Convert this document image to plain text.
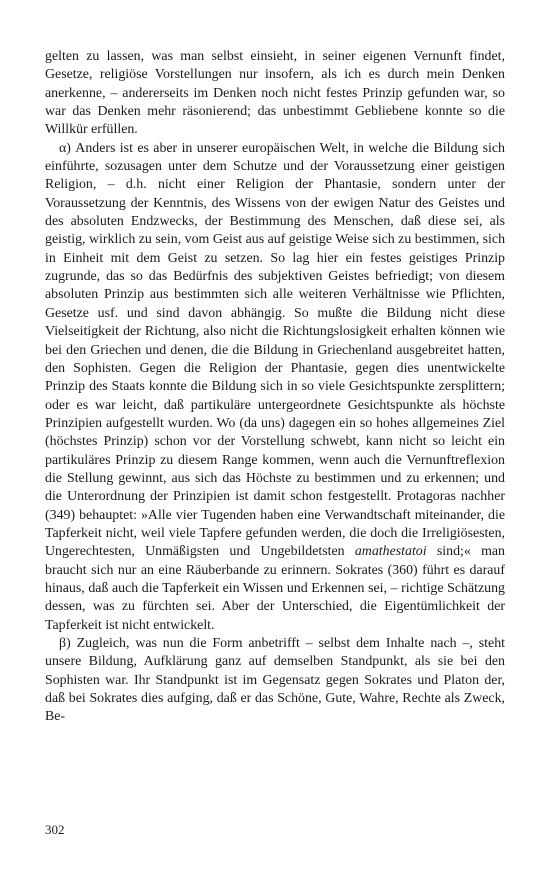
gelten zu lassen, was man selbst einsieht, in seiner eigenen Vernunft findet, Gesetze, religiöse Vorstellungen nur insofern, als ich es durch mein Denken anerkenne, – andererseits im Denken noch nicht festes Prinzip gefunden war, so war das Denken mehr räsonierend; das unbestimmt Gebliebene konnte so die Willkür erfüllen.

α) Anders ist es aber in unserer europäischen Welt, in welche die Bildung sich einführte, sozusagen unter dem Schutze und der Voraussetzung einer geistigen Religion, – d.h. nicht einer Religion der Phantasie, sondern unter der Voraussetzung der Kenntnis, des Wissens von der ewigen Natur des Geistes und des absoluten Endzwecks, der Bestimmung des Menschen, daß diese sei, als geistig, wirklich zu sein, vom Geist aus auf geistige Weise sich zu bestimmen, sich in Einheit mit dem Geist zu setzen. So lag hier ein festes geistiges Prinzip zugrunde, das so das Bedürfnis des subjektiven Geistes befriedigt; von diesem absoluten Prinzip aus bestimmten sich alle weiteren Verhältnisse wie Pflichten, Gesetze usf. und sind davon abhängig. So mußte die Bildung nicht diese Vielseitigkeit der Richtung, also nicht die Richtungslosigkeit erhalten können wie bei den Griechen und denen, die die Bildung in Griechenland ausgebreitet hatten, den Sophisten. Gegen die Religion der Phantasie, gegen dies unentwickelte Prinzip des Staats konnte die Bildung sich in so viele Gesichtspunkte zersplittern; oder es war leicht, daß partikuläre untergeordnete Gesichtspunkte als höchste Prinzipien aufgestellt wurden. Wo (da uns) dagegen ein so hohes allgemeines Ziel (höchstes Prinzip) schon vor der Vorstellung schwebt, kann nicht so leicht ein partikuläres Prinzip zu diesem Range kommen, wenn auch die Vernunftreflexion die Stellung gewinnt, aus sich das Höchste zu bestimmen und zu erkennen; und die Unterordnung der Prinzipien ist damit schon festgestellt. Protagoras nachher (349) behauptet: »Alle vier Tugenden haben eine Verwandtschaft miteinander, die Tapferkeit nicht, weil viele Tapfere gefunden werden, die doch die Irreligiösesten, Ungerechtesten, Unmäßigsten und Ungebildetsten amathestatoi sind;« man braucht sich nur an eine Räuberbande zu erinnern. Sokrates (360) führt es darauf hinaus, daß auch die Tapferkeit ein Wissen und Erkennen sei, – richtige Schätzung dessen, was zu fürchten sei. Aber der Unterschied, die Eigentümlichkeit der Tapferkeit ist nicht entwickelt.

β) Zugleich, was nun die Form anbetrifft – selbst dem Inhalte nach –, steht unsere Bildung, Aufklärung ganz auf demselben Standpunkt, als sie bei den Sophisten war. Ihr Standpunkt ist im Gegensatz gegen Sokrates und Platon der, daß bei Sokrates dies aufging, daß er das Schöne, Gute, Wahre, Rechte als Zweck, Be-

302
